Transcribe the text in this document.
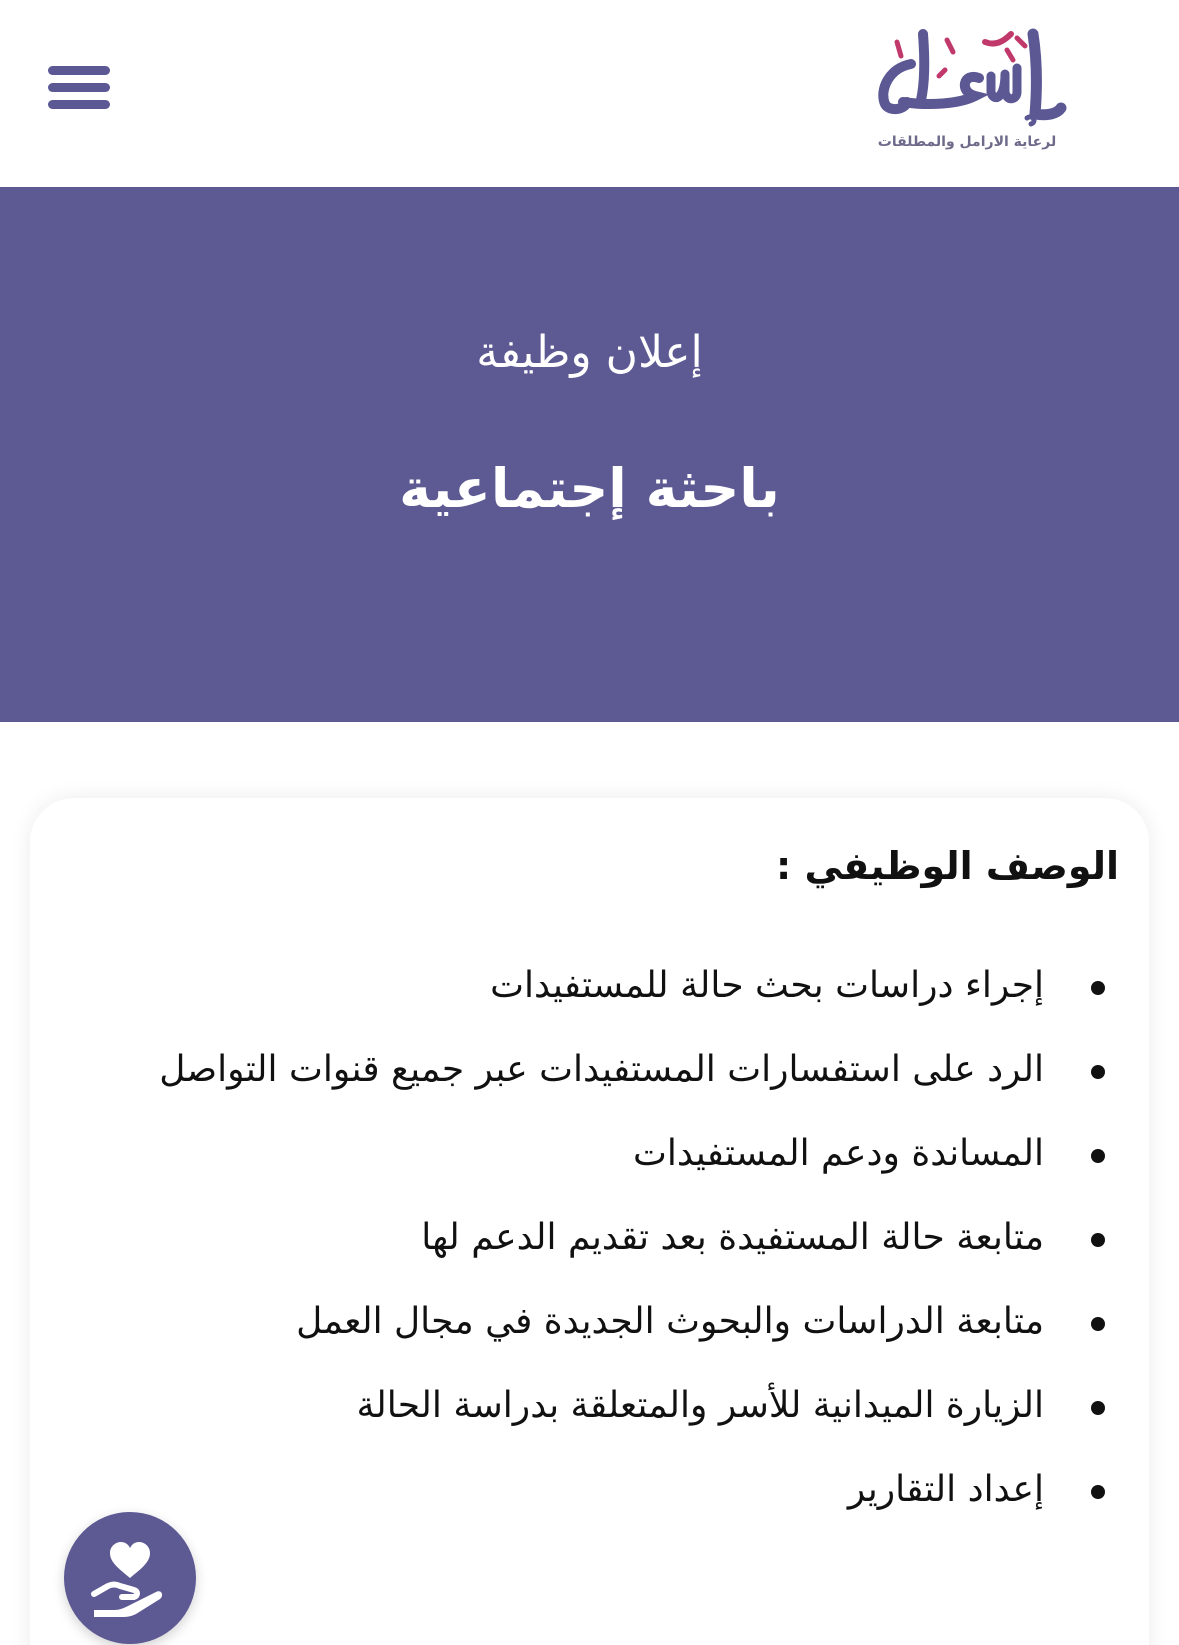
لرعاية الارامل والمطلقات
إعلان وظيفة
باحثة إجتماعية
الوصف الوظيفي :
إجراء دراسات بحث حالة للمستفيدات
الرد على استفسارات المستفيدات عبر جميع قنوات التواصل
المساندة ودعم المستفيدات
متابعة حالة المستفيدة بعد تقديم الدعم لها
متابعة الدراسات والبحوث الجديدة في مجال العمل
الزيارة الميدانية للأسر والمتعلقة بدراسة الحالة
إعداد التقارير
